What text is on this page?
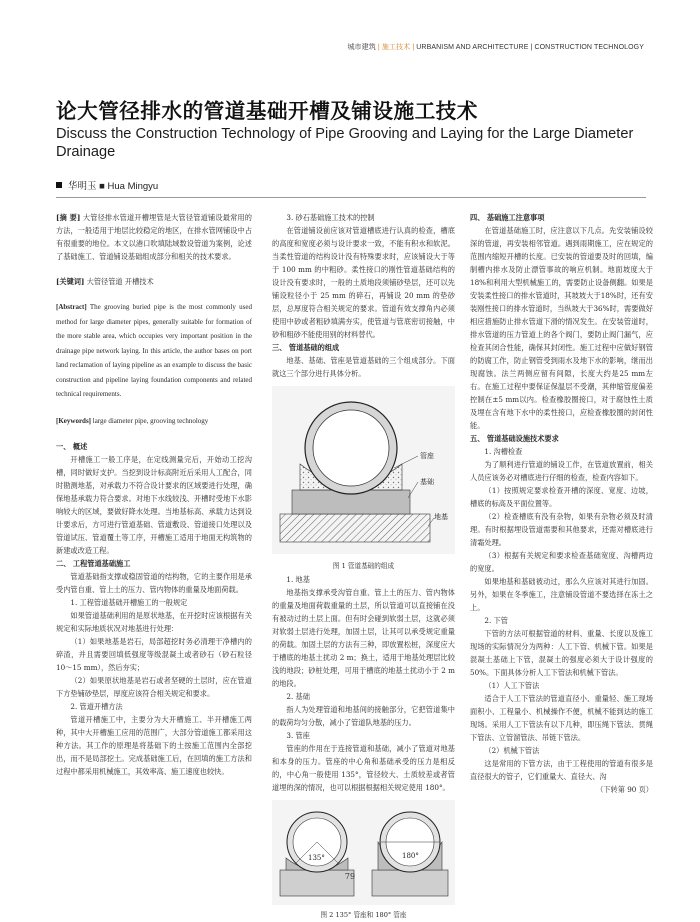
城市建筑 | 施工技术 | URBANISM AND ARCHITECTURE | CONSTRUCTION TECHNOLOGY
论大管径排水的管道基础开槽及铺设施工技术
Discuss the Construction Technology of Pipe Grooving and Laying for the Large Diameter Drainage
华明玉 ■ Hua Mingyu

[摘 要] 大管径排水管道开槽埋管是大管径管道铺设最常用的方法，一般适用于地层比较稳定的地区，在排水管网铺设中占有很重要的地位。本文以港口吹填陆域数设管道为案例，论述了基础施工、管道铺设基础组成部分和相关的技术要求。

[关键词] 大管径管道 开槽技术

[Abstract] The grooving buried pipe is the most commonly used method for large diameter pipes, generally suitable for formation of the more stable area, which occupies very important position in the drainage pipe network laying. In this article, the author bases on port land reclamation of laying pipeline as an example to discuss the basic construction and pipeline laying foundation components and related technical requirements.

[Keywords] large diameter pipe, grooving technology

一、 概述

开槽施工一般工序是，在定线测量完后，开始动工挖沟槽，同时做好支护。当挖到设计标高附近后采用人工配合，同时勘测地基，对承载力不符合设计要求的区域要进行处理，确保地基承载力符合要求。对地下水线较浅、开槽时受地下水影响较大的区域，要做好降水处理。当地基标高、承载力达到设计要求后，方可进行管道基础、管道敷设、管道接口处理以及管道试压、管道覆土等工序，开槽施工适用于地面无构筑物的新建或改造工程。

二、 工程管道基础施工

管道基础指支撑或稳固管道的结构物，它的主要作用是承受内管自重、管上土的压力、管内物体的重量及地面荷载。

1. 工程管道基础开槽施工的一般规定

如果管道基础利用的是原状地基，在开挖时应该根据有关规定和实际地质状况对地基进行处理：

（1）如果地基是岩石，局部超挖时务必清理干净槽内的碎渣，并且需要回填低强度等级混凝土或者砂石（砂石粒径 10～15 mm），然后夯实；

（2）如果原状地基是岩石或者坚硬的土层时，应在管道下方垫铺砂垫层，厚度应该符合相关规定和要求。

2. 管道开槽方法

管道开槽施工中，主要分为大开槽施工、半开槽施工两种，其中大开槽施工应用的范围广，大部分管道施工都采用这种方法。其工作的原理是将基础下的土按施工范围内全部挖出，而不是局部挖土。完成基础施工后，在回填的施工方法和过程中都采用机械施工，其效率高、施工速度也较快。

3. 砂石基础施工技术的控制

在管道铺设前应该对管道槽底进行认真的检查，槽底的高度和宽度必须与设计要求一致，不能有积水和软泥。当柔性管道的结构设计没有特殊要求时，应该铺设大于等于 100 mm 的中粗砂。柔性接口的刚性管道基础结构的设计没有要求时，一般的土质地段须铺砂垫层，还可以先铺设粒径小于 25 mm 的碎石，再铺设 20 mm 的垫砂层，总厚度符合相关规定的要求。管道有效支撑角内必须使用中砂或者粗砂填满夯实，使管道与管底密切接触，中砂和粗砂不能使用别的材料替代。

三、 管道基础的组成

地基、基础、管座是管道基础的三个组成部分。下面就这三个部分进行具体分析。

管座
基础
地基

图 1 管道基础的组成

1. 地基

地基指支撑承受沟管自重、管上土的压力、管内物体的重量及地面荷载重量的土层，所以管道可以直接铺在没有被动过的土层上面。但有时会碰到软弱土层，这就必须对软弱土层进行处理，加固土层，让其可以承受规定重量的荷载。加固土层的方法有三种，即放置松桩，深度应大于槽底的地基土扰动 2 m；换土，适用于地基处理层比较浅的地段；砂桩处理，可用于槽底的地基土扰动小于 2 m 的地段。

2. 基础

指人为处理管道和地基间的接触部分，它把管道集中的载荷均匀分散，减小了管道队地基的压力。

3. 管座

管座的作用在于连接管道和基础，减小了管道对地基和本身的压力。管座的中心角和基础承受的压力是相反的，中心角一般使用 135°，管径较大、土质较差或者管道埋的深的情况，也可以根据根据相关规定使用 180°。

135°	180°

图 2 135° 管座和 180° 管座

四、 基础施工注意事项

在管道基础施工时，应注意以下几点。先安装铺设较深的管道，再安装相邻管道。遇到雨期施工，应在规定的范围内缩短开槽的长度。已安装的管道要及时的回填，编制槽内排水及防止漂管事故的响应机制。地面坡度大于18%和利用大型机械施工的，需要防止设备侧翻。如果是安装柔性接口的排水管道时，其坡坡大于18%时，还有安装刚性接口的排水管道时，当纵坡大于36%时，需要做好相应措施防止排水管道下滑的情况发生。在安装管道时，排水管道的压力管道上的各个阀门，要防止阀门漏气，应检查其闭合性能，确保其封闭性。施工过程中应做好钢管的防腐工作，防止钢管受到雨水及地下水的影响，继而出现腐蚀。法兰两侧应留有间隙，长度大约是25 mm左右。在施工过程中要保证保温层不受潮，其伸缩管度偏差控制在±5 mm以内。检查橡胶圈接口，对于腐蚀性土质及埋在含有地下水中的柔性接口，应检查橡胶圈的封闭性能。

五、 管道基础设施技术要求

1. 沟槽检查

为了顺利进行管道的铺设工作，在管道放置前，相关人员应该务必对槽底进行仔细的检查，检查内容如下。

（1）按照规定要求检查开槽的深度、宽度、边坡，槽底的标高及平面位置等。

（2）检查槽底有没有杂物，如果有杂物必须及时清理。有时根据埋设管道需要和其他要求，还需对槽底进行清霜处理。

（3）根据有关规定和要求检查基础宽度、沟槽两边的宽度。

如果地基和基础被动过，那么久应该对其进行加固。另外，如果在冬季施工，注意铺设管道不要选择在冻土之上。

2. 下管

下管的方法可根据管道的材料、重量、长度以及施工现场的实际情况分为两种：人工下管、机械下管。如果是混凝土基础上下管，混凝土的强度必须大于设计强度的 50%。下面具体分析人工下管法和机械下管法。

（1）人工下管法

适合于人工下管法的管道直径小、重量轻、施工现场面积小、工程量小、机械操作不便，机械不能到达的施工现场。采用人工下管法有以下几种，即压绳下管法、贯绳下管法、立管溜管法、吊链下管法。

（2）机械下管法

这是常用的下管方法，由于工程使用的管道有很多是直径很大的管子，它们重量大、直径大、沟

（下转第 90 页）

79
